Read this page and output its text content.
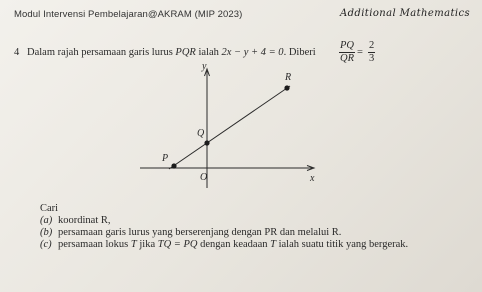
Modul Intervensi Pembelajaran@AKRAM (MIP 2023)	Additional Mathematics
4 Dalam rajah persamaan garis lurus PQR ialah 2x − y + 4 = 0. Diberi $\frac{PQ}{QR} = \frac{2}{3}$
y
x
O
P
Q
R
Cari
(a) koordinat R,
(b) persamaan garis lurus yang berserenjang dengan PR dan melalui R.
(c) persamaan lokus T jika TQ = PQ dengan keadaan T ialah suatu titik yang bergerak.
